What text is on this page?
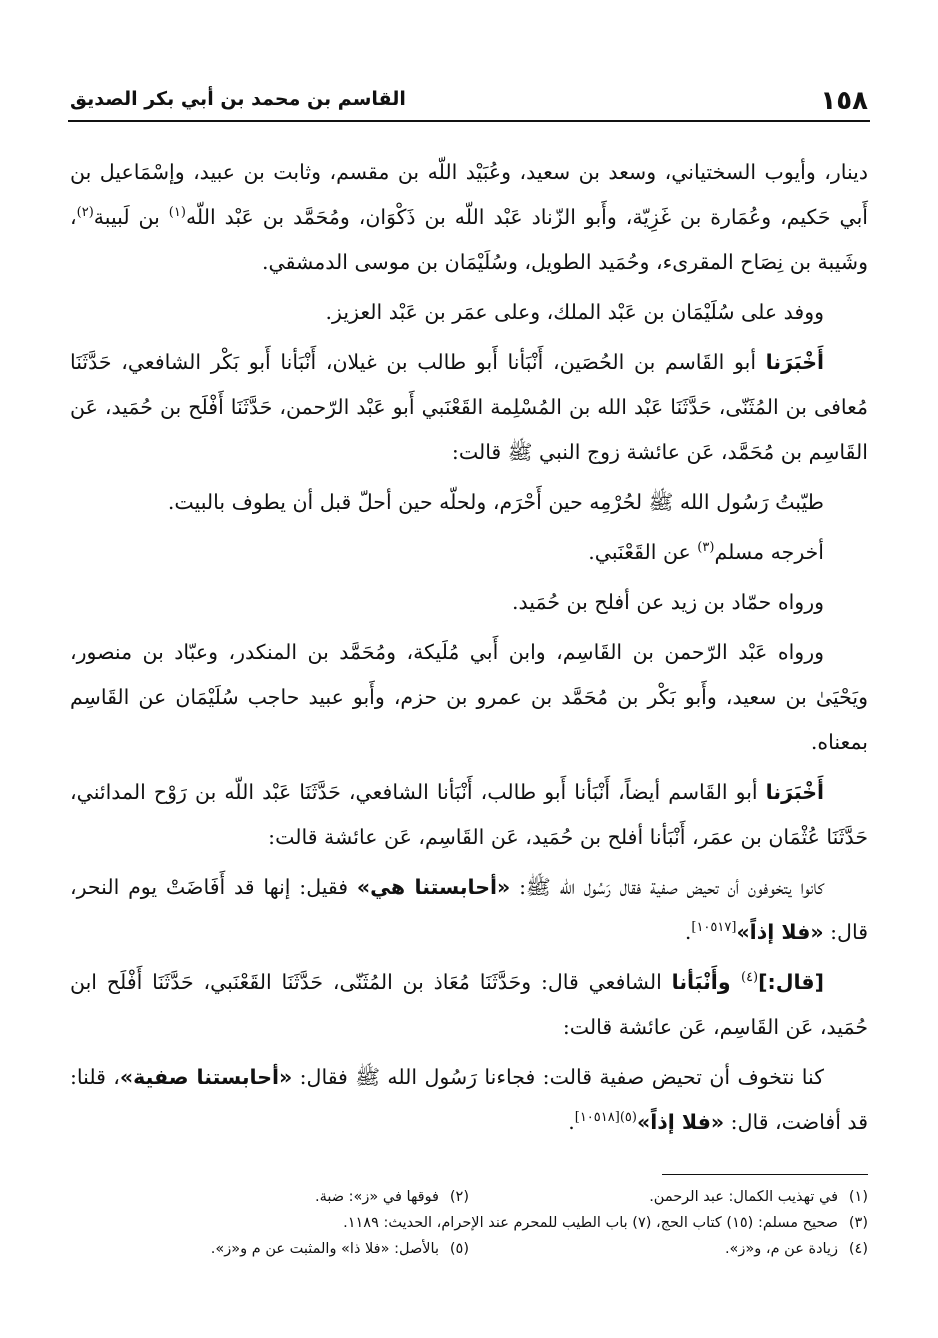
١٥٨
القاسم بن محمد بن أبي بكر الصديق

دينار، وأيوب السختياني، وسعد بن سعيد، وعُبَيْد اللّه بن مقسم، وثابت بن عبيد، وإسْمَاعيل بن أَبي حَكيم، وعُمَارة بن غَزِيّة، وأَبو الزّناد عَبْد اللّه بن ذَكْوَان، ومُحَمَّد بن عَبْد اللّه$^{(١)}$ بن لَبيبة$^{(٢)}$، وشَيبة بن نِصَاح المقرىء، وحُمَيد الطويل، وسُلَيْمَان بن موسى الدمشقي.

ووفد على سُلَيْمَان بن عَبْد الملك، وعلى عمَر بن عَبْد العزيز.

أَخْبَرَنا أبو القَاسم بن الحُصَين، أَنْبَأنا أَبو طالب بن غيلان، أَنْبَأنا أَبو بَكْر الشافعي، حَدَّثَنَا مُعافى بن المُثَنّى، حَدَّثَنَا عَبْد الله بن المُسْلِمة القَعْنَبي أَبو عَبْد الرّحمن، حَدَّثَنَا أَفْلَح بن حُمَيد، عَن القَاسِم بن مُحَمَّد، عَن عائشة زوج النبي ﷺ قالت:

طيّبتُ رَسُول الله ﷺ لحُرْمِه حين أَحْرَم، ولحلّه حين أحلّ قبل أن يطوف بالبيت.

أخرجه مسلم$^{(٣)}$ عن القَعْنَبي.

ورواه حمّاد بن زيد عن أفلح بن حُمَيد.

ورواه عَبْد الرّحمن بن القَاسِم، وابن أَبي مُلَيكة، ومُحَمَّد بن المنكدر، وعبّاد بن منصور، ويَحْيَىٰ بن سعيد، وأَبو بَكْر بن مُحَمَّد بن عمرو بن حزم، وأَبو عبيد حاجب سُلَيْمَان عن القَاسِم بمعناه.

أَخْبَرَنا أبو القَاسم أيضاً، أَنْبَأنا أَبو طالب، أَنْبَأنا الشافعي، حَدَّثَنَا عَبْد اللّه بن رَوْح المدائني، حَدَّثَنَا عُثْمَان بن عمَر، أَنْبَأنا أفلح بن حُمَيد، عَن القَاسِم، عَن عائشة قالت:

كانوا يتخوفون أن تحيض صفية فقال رَسُول الله ﷺ: «أحابستنا هي» فقيل: إنها قد أَفَاضَتْ يوم النحر، قال: «فلا إذاً»[١٠٥١٧].

[قال:]$^{(٤)}$ وأَنْبَأنا الشافعي قال: وحَدَّثَنَا مُعَاذ بن المُثَنّى، حَدَّثَنَا القَعْنَبي، حَدَّثَنَا أَفْلَح ابن حُمَيد، عَن القَاسِم، عَن عائشة قالت:

كنا نتخوف أن تحيض صفية قالت: فجاءنا رَسُول الله ﷺ فقال: «أحابستنا صفية»، قلنا: قد أفاضت، قال: «فلا إذاً»$^{(٥)[١٠٥١٨]}$.

(١)في تهذيب الكمال: عبد الرحمن.
(٢)فوقها في «ز»: ضبة.
(٣)صحيح مسلم: (١٥) كتاب الحج، (٧) باب الطيب للمحرم عند الإحرام، الحديث: ١١٨٩.
(٤)زيادة عن م، و«ز».
(٥)بالأصل: «فلا ذا» والمثبت عن م و«ز».
